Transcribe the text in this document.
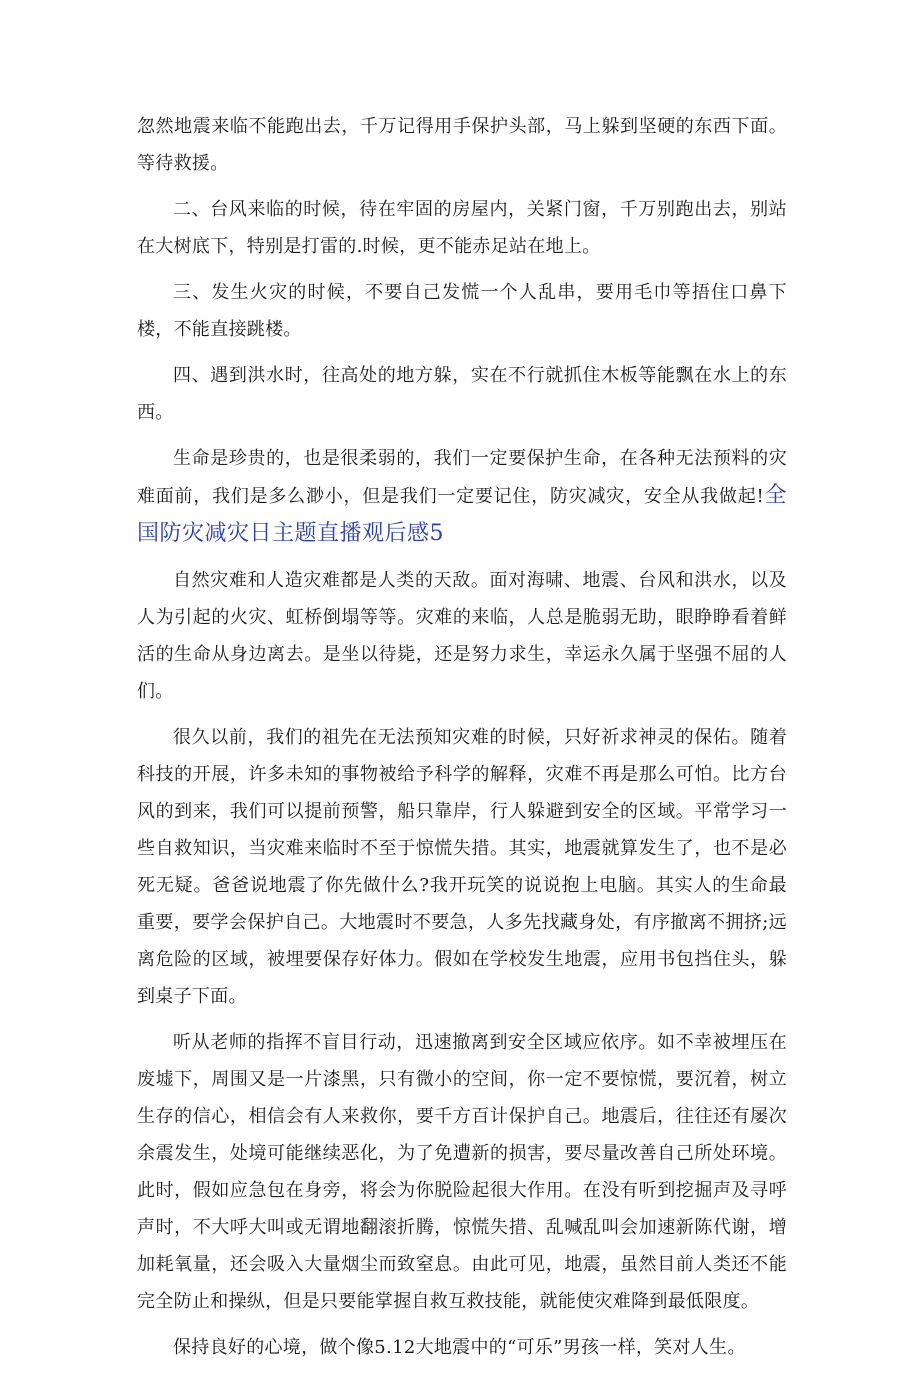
忽然地震来临不能跑出去，千万记得用手保护头部，马上躲到坚硬的东西下面。等待救援。

二、台风来临的时候，待在牢固的房屋内，关紧门窗，千万别跑出去，别站在大树底下，特别是打雷的.时候，更不能赤足站在地上。

三、发生火灾的时候，不要自己发慌一个人乱串，要用毛巾等捂住口鼻下楼，不能直接跳楼。

四、遇到洪水时，往高处的地方躲，实在不行就抓住木板等能飘在水上的东西。

生命是珍贵的，也是很柔弱的，我们一定要保护生命，在各种无法预料的灾难面前，我们是多么渺小，但是我们一定要记住，防灾减灾，安全从我做起!全国防灾减灾日主题直播观后感5

自然灾难和人造灾难都是人类的天敌。面对海啸、地震、台风和洪水，以及人为引起的火灾、虹桥倒塌等等。灾难的来临，人总是脆弱无助，眼睁睁看着鲜活的生命从身边离去。是坐以待毙，还是努力求生，幸运永久属于坚强不屈的人们。

很久以前，我们的祖先在无法预知灾难的时候，只好祈求神灵的保佑。随着科技的开展，许多未知的事物被给予科学的解释，灾难不再是那么可怕。比方台风的到来，我们可以提前预警，船只靠岸，行人躲避到安全的区域。平常学习一些自救知识，当灾难来临时不至于惊慌失措。其实，地震就算发生了，也不是必死无疑。爸爸说地震了你先做什么?我开玩笑的说说抱上电脑。其实人的生命最重要，要学会保护自己。大地震时不要急，人多先找藏身处，有序撤离不拥挤;远离危险的区域，被埋要保存好体力。假如在学校发生地震，应用书包挡住头，躲到桌子下面。

听从老师的指挥不盲目行动，迅速撤离到安全区域应依序。如不幸被埋压在废墟下，周围又是一片漆黑，只有微小的空间，你一定不要惊慌，要沉着，树立生存的信心，相信会有人来救你，要千方百计保护自己。地震后，往往还有屡次余震发生，处境可能继续恶化，为了免遭新的损害，要尽量改善自己所处环境。此时，假如应急包在身旁，将会为你脱险起很大作用。在没有听到挖掘声及寻呼声时，不大呼大叫或无谓地翻滚折腾，惊慌失措、乱喊乱叫会加速新陈代谢，增加耗氧量，还会吸入大量烟尘而致窒息。由此可见，地震，虽然目前人类还不能完全防止和操纵，但是只要能掌握自救互救技能，就能使灾难降到最低限度。

保持良好的心境，做个像5.12大地震中的“可乐”男孩一样，笑对人生。
